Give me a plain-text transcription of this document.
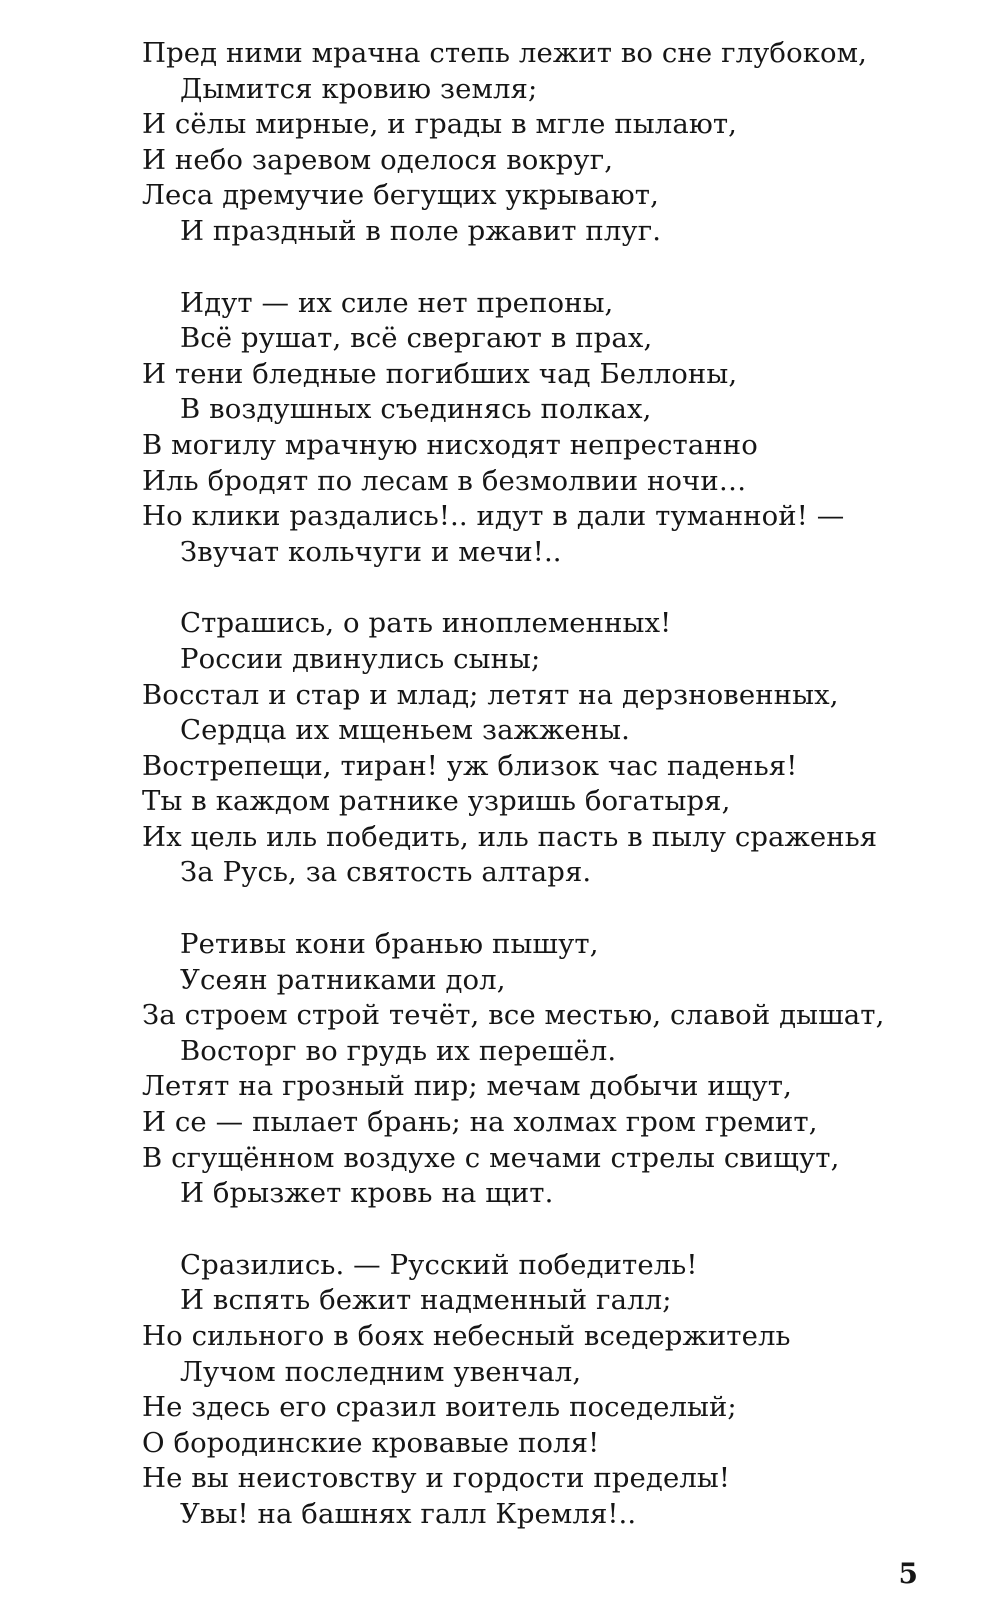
Пред ними мрачна степь лежит во сне глубоком,
Дымится кровию земля;
И сёлы мирные, и грады в мгле пылают,
И небо заревом оделося вокруг,
Леса дремучие бегущих укрывают,
И праздный в поле ржавит плуг.
Идут — их силе нет препоны,
Всё рушат, всё свергают в прах,
И тени бледные погибших чад Беллоны,
В воздушных съединясь полках,
В могилу мрачную нисходят непрестанно
Иль бродят по лесам в безмолвии ночи…
Но клики раздались!.. идут в дали туманной! —
Звучат кольчуги и мечи!..
Страшись, о рать иноплеменных!
России двинулись сыны;
Восстал и стар и млад; летят на дерзновенных,
Сердца их мщеньем зажжены.
Вострепещи, тиран! уж близок час паденья!
Ты в каждом ратнике узришь богатыря,
Их цель иль победить, иль пасть в пылу сраженья
За Русь, за святость алтаря.
Ретивы кони бранью пышут,
Усеян ратниками дол,
За строем строй течёт, все местью, славой дышат,
Восторг во грудь их перешёл.
Летят на грозный пир; мечам добычи ищут,
И се — пылает брань; на холмах гром гремит,
В сгущённом воздухе с мечами стрелы свищут,
И брызжет кровь на щит.
Сразились. — Русский победитель!
И вспять бежит надменный галл;
Но сильного в боях небесный вседержитель
Лучом последним увенчал,
Не здесь его сразил воитель поседелый;
О бородинские кровавые поля!
Не вы неистовству и гордости пределы!
Увы! на башнях галл Кремля!..
5
